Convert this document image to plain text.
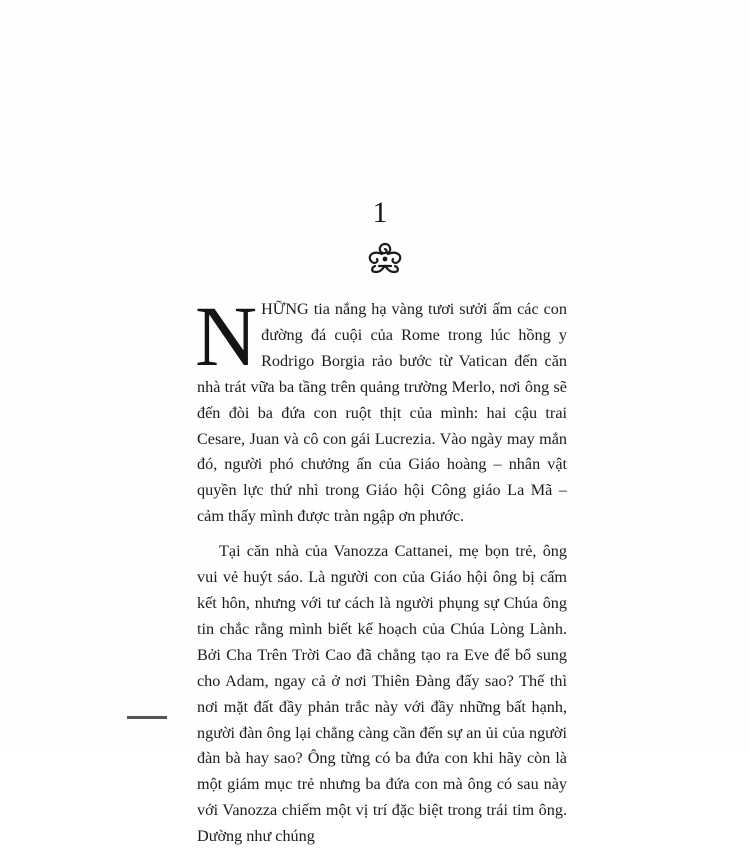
1

NHỮNG tia nắng hạ vàng tươi sưởi ấm các con đường đá cuội của Rome trong lúc hồng y Rodrigo Borgia rảo bước từ Vatican đến căn nhà trát vữa ba tầng trên quảng trường Merlo, nơi ông sẽ đến đòi ba đứa con ruột thịt của mình: hai cậu trai Cesare, Juan và cô con gái Lucrezia. Vào ngày may mắn đó, người phó chưởng ấn của Giáo hoàng – nhân vật quyền lực thứ nhì trong Giáo hội Công giáo La Mã – cảm thấy mình được tràn ngập ơn phước.

Tại căn nhà của Vanozza Cattanei, mẹ bọn trẻ, ông vui vẻ huýt sáo. Là người con của Giáo hội ông bị cấm kết hôn, nhưng với tư cách là người phụng sự Chúa ông tin chắc rằng mình biết kế hoạch của Chúa Lòng Lành. Bởi Cha Trên Trời Cao đã chẳng tạo ra Eve để bổ sung cho Adam, ngay cả ở nơi Thiên Đàng đấy sao? Thế thì nơi mặt đất đầy phản trắc này với đầy những bất hạnh, người đàn ông lại chẳng càng cần đến sự an ủi của người đàn bà hay sao? Ông từng có ba đứa con khi hãy còn là một giám mục trẻ nhưng ba đứa con mà ông có sau này với Vanozza chiếm một vị trí đặc biệt trong trái tim ông. Dường như chúng
